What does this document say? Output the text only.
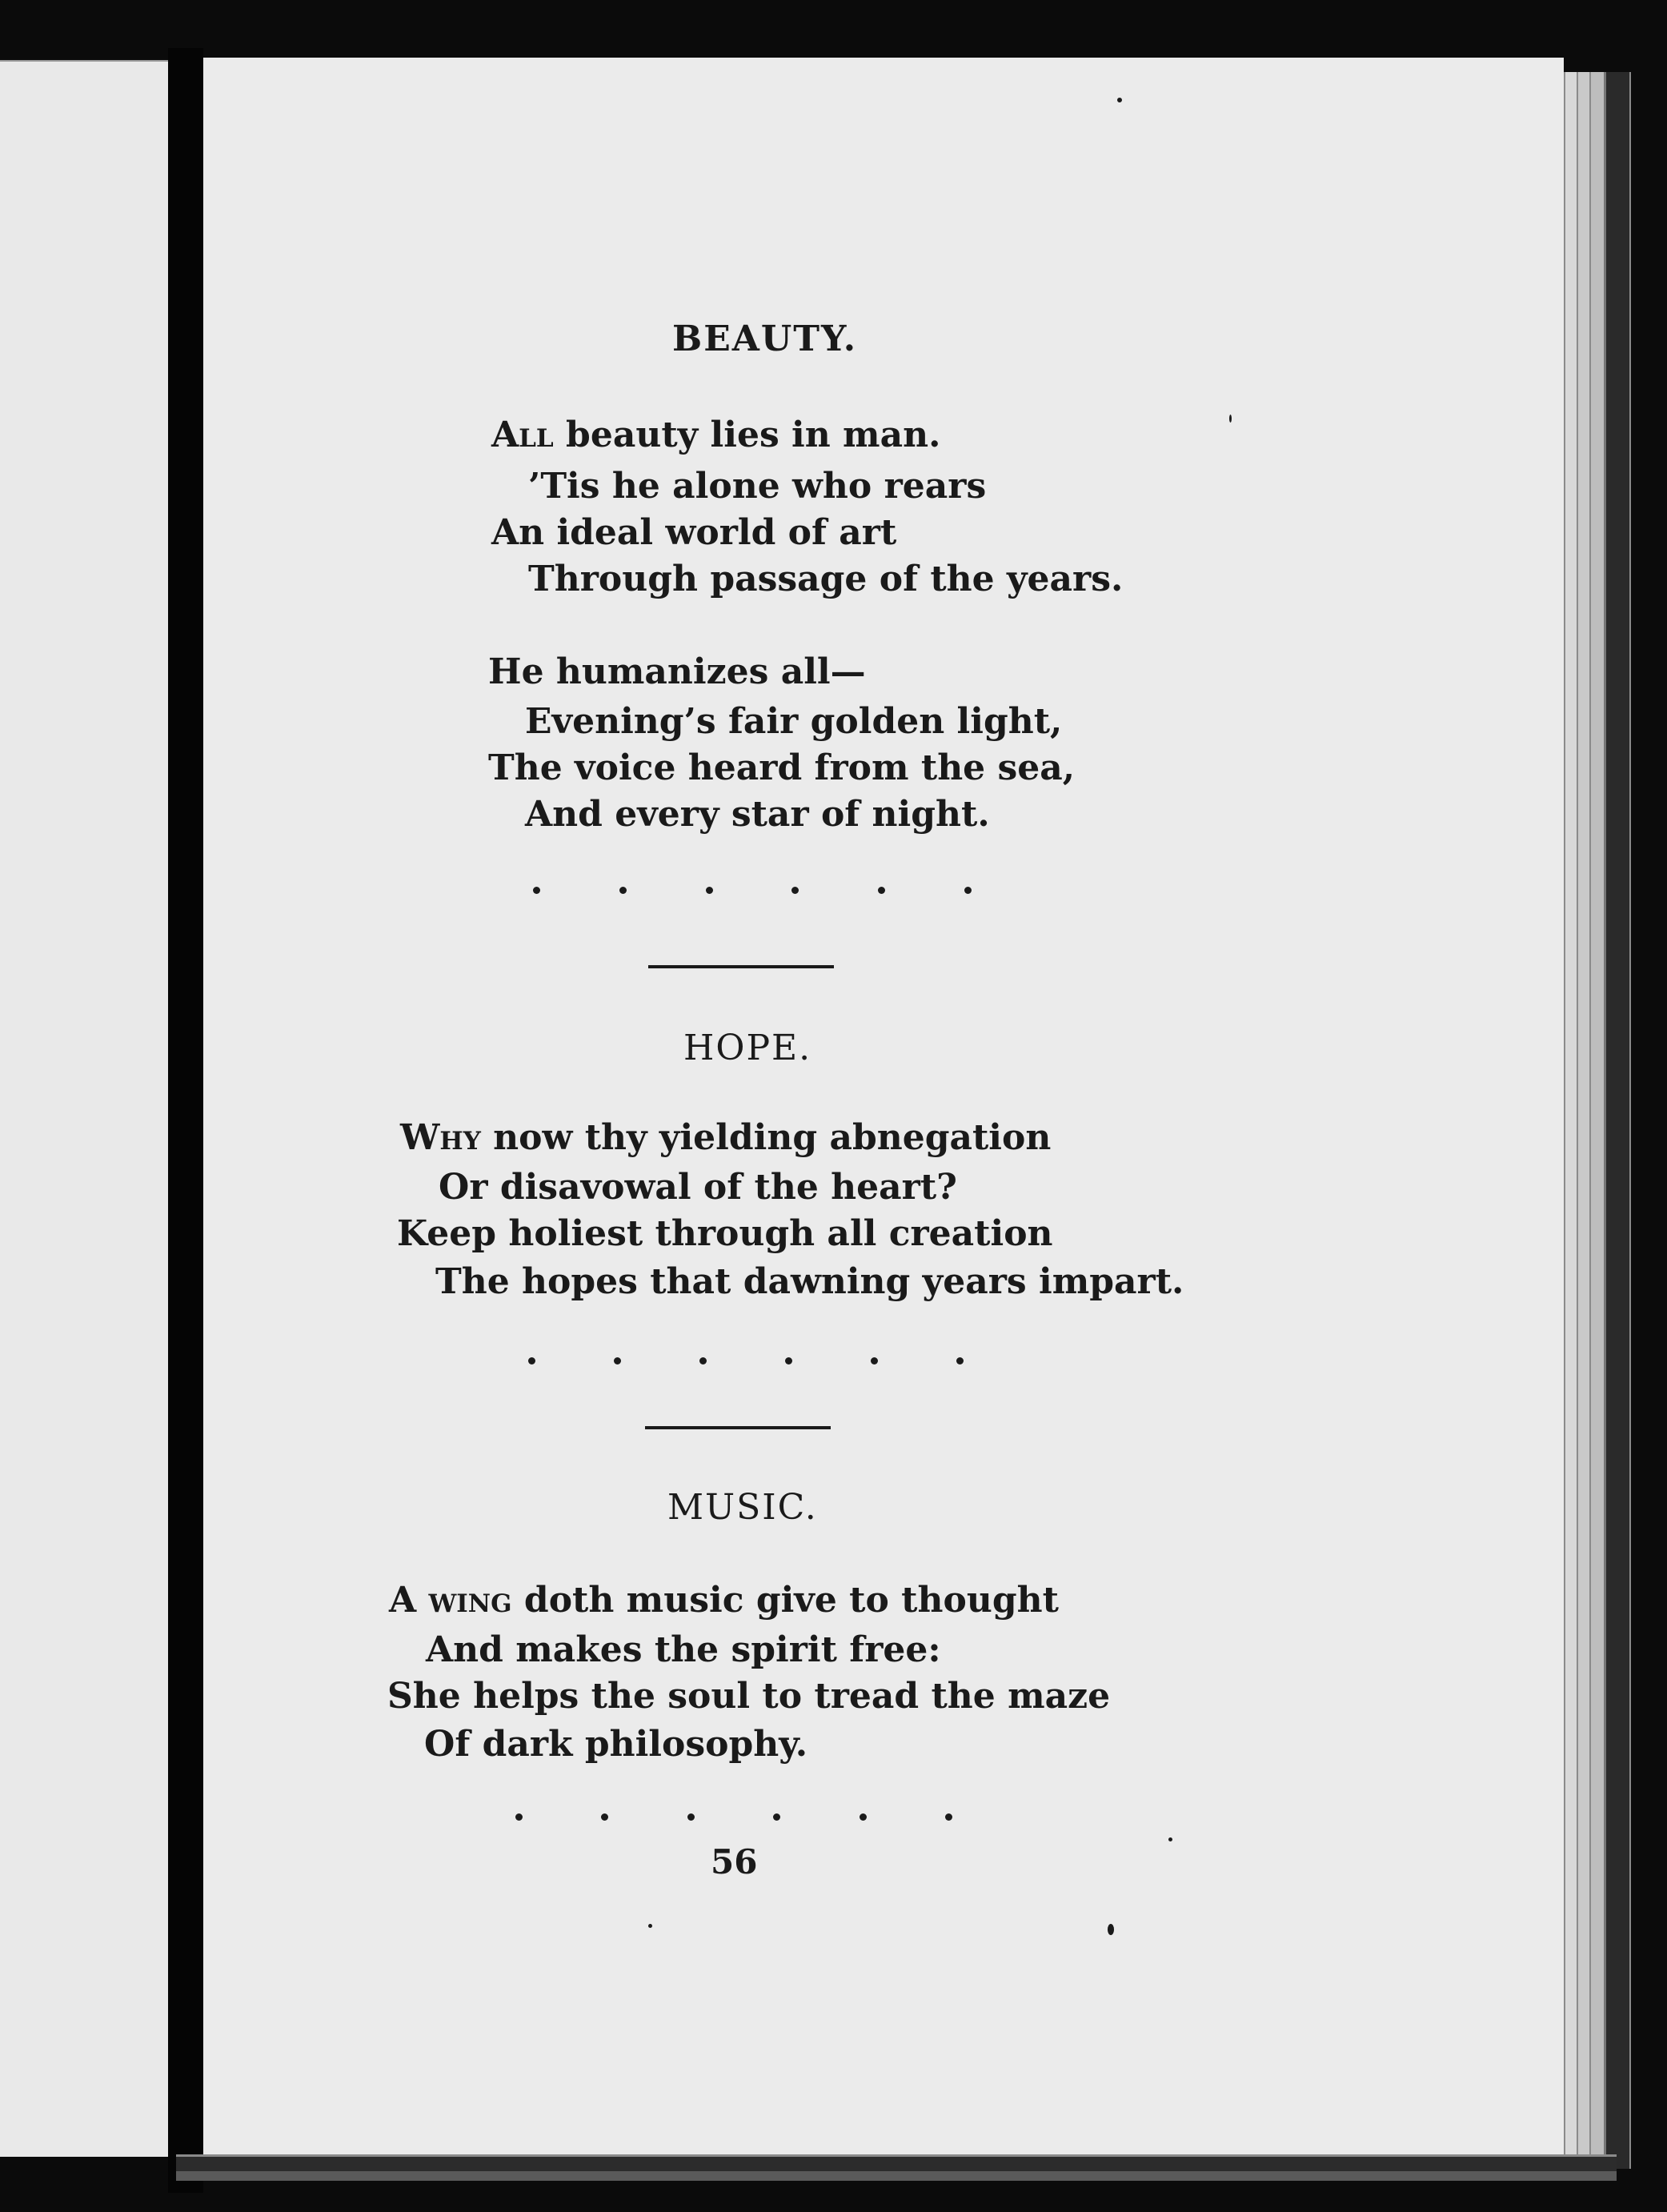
BEAUTY.
All beauty lies in man.
’Tis he alone who rears
An ideal world of art
Through passage of the years.
He humanizes all—
Evening’s fair golden light,
The voice heard from the sea,
And every star of night.
HOPE.
Why now thy yielding abnegation
Or disavowal of the heart?
Keep holiest through all creation
The hopes that dawning years impart.
MUSIC.
A wing doth music give to thought
And makes the spirit free:
She helps the soul to tread the maze
Of dark philosophy.
56
